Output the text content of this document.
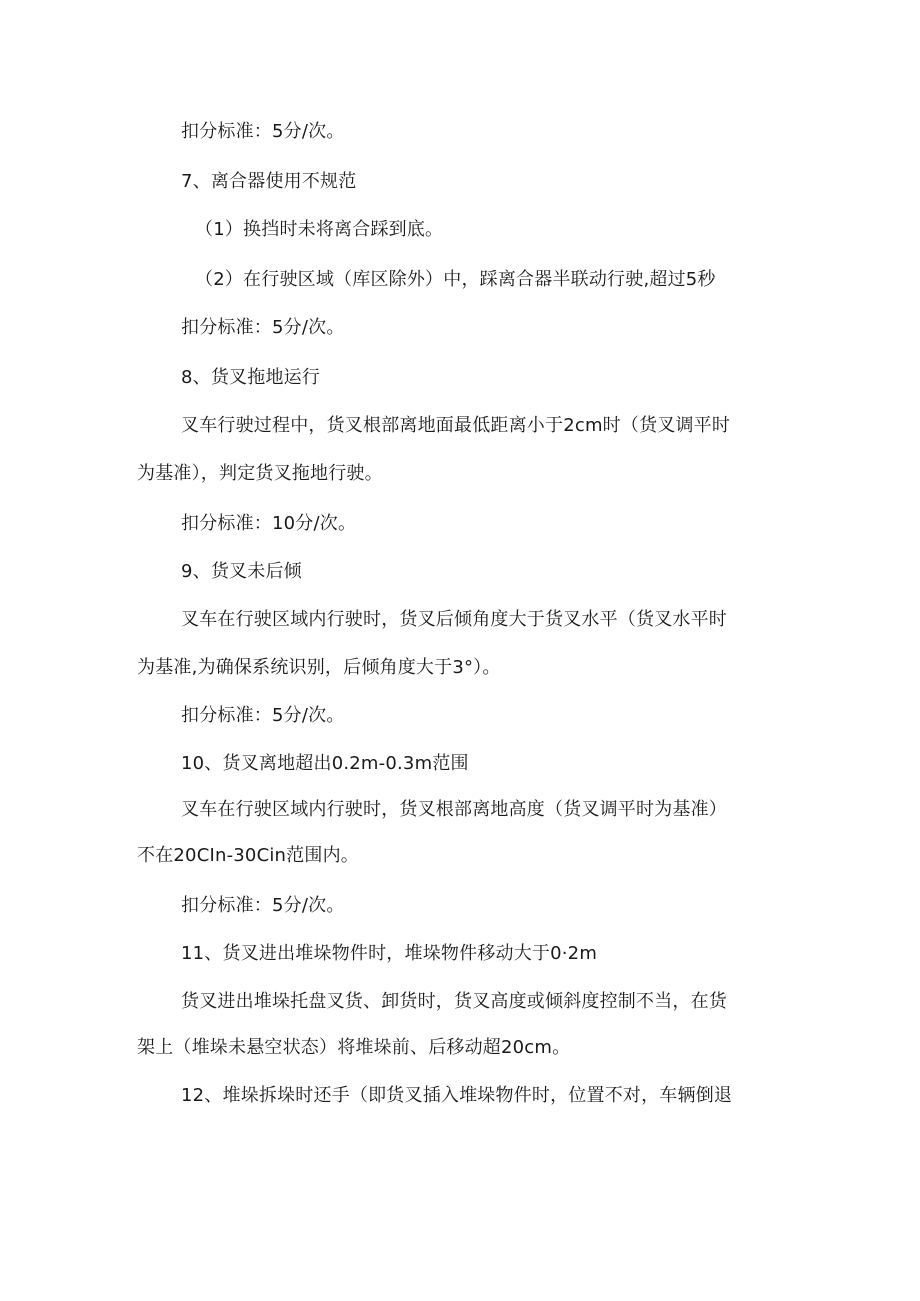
扣分标准：5分/次。
7、离合器使用不规范
（1）换挡时未将离合踩到底。
（2）在行驶区域（库区除外）中，踩离合器半联动行驶,超过5秒
扣分标准：5分/次。
8、货叉拖地运行
叉车行驶过程中，货叉根部离地面最低距离小于2cm时（货叉调平时
为基准），判定货叉拖地行驶。
扣分标准：10分/次。
9、货叉未后倾
叉车在行驶区域内行驶时，货叉后倾角度大于货叉水平（货叉水平时
为基准,为确保系统识别，后倾角度大于3°）。
扣分标准：5分/次。
10、货叉离地超出0.2m-0.3m范围
叉车在行驶区域内行驶时，货叉根部离地高度（货叉调平时为基准）
不在20CIn-30Cin范围内。
扣分标准：5分/次。
11、货叉进出堆垛物件时，堆垛物件移动大于0·2m
货叉进出堆垛托盘叉货、卸货时，货叉高度或倾斜度控制不当，在货
架上（堆垛未悬空状态）将堆垛前、后移动超20cm。
12、堆垛拆垛时还手（即货叉插入堆垛物件时，位置不对，车辆倒退
